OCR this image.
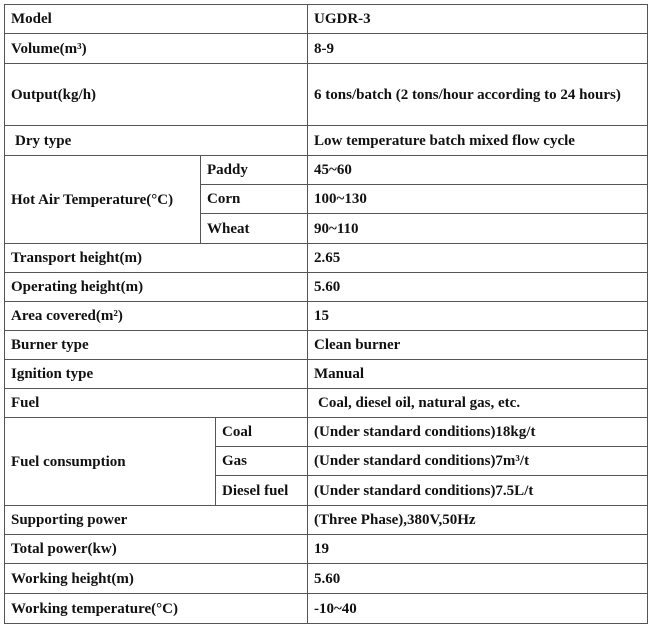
Model			UGDR-3
Volume(m³)			8-9
Output(kg/h)			6 tons/batch (2 tons/hour according to 24 hours)
Dry type			Low temperature batch mixed flow cycle
Hot Air Temperature(°C)	Paddy		45~60
	Corn		100~130
	Wheat		90~110
Transport height(m)			2.65
Operating height(m)			5.60
Area covered(m²)			15
Burner type			Clean burner
Ignition type			Manual
Fuel			Coal, diesel oil, natural gas, etc.
Fuel consumption		Coal	(Under standard conditions)18kg/t
		Gas	(Under standard conditions)7m³/t
		Diesel fuel	(Under standard conditions)7.5L/t
Supporting power			(Three Phase),380V,50Hz
Total power(kw)			19
Working height(m)			5.60
Working temperature(°C)			-10~40
